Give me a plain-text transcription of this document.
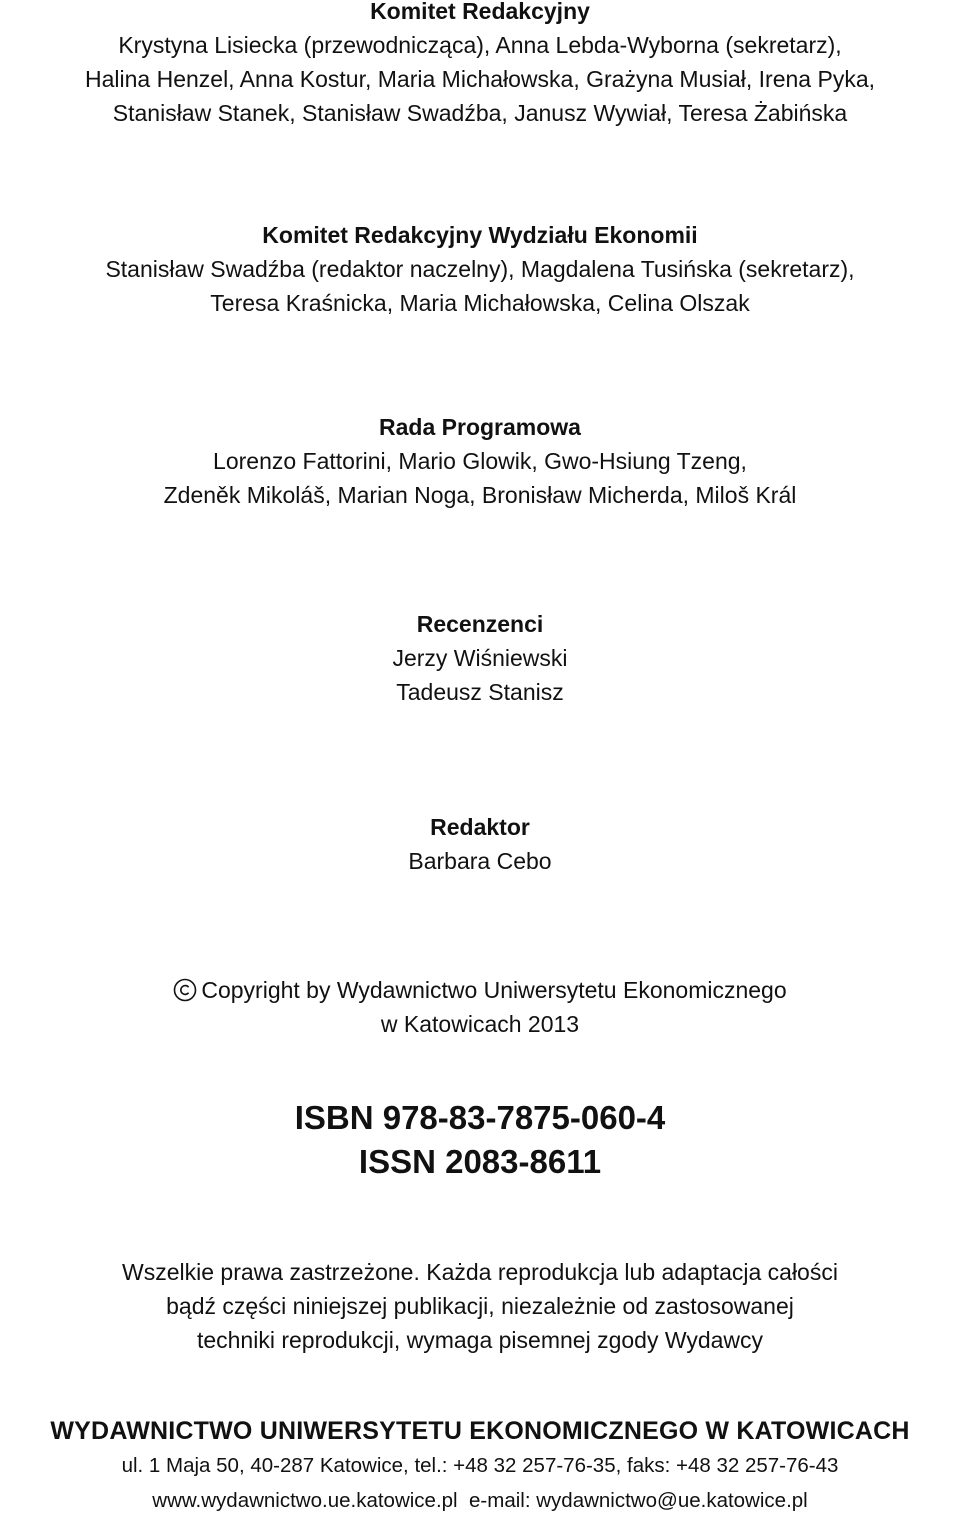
Komitet Redakcyjny
Krystyna Lisiecka (przewodnicząca), Anna Lebda-Wyborna (sekretarz),
Halina Henzel, Anna Kostur, Maria Michałowska, Grażyna Musiał, Irena Pyka,
Stanisław Stanek, Stanisław Swadźba, Janusz Wywiał, Teresa Żabińska
Komitet Redakcyjny Wydziału Ekonomii
Stanisław Swadźba (redaktor naczelny), Magdalena Tusińska (sekretarz),
Teresa Kraśnicka, Maria Michałowska, Celina Olszak
Rada Programowa
Lorenzo Fattorini, Mario Glowik, Gwo-Hsiung Tzeng,
Zdeněk Mikoláš, Marian Noga, Bronisław Micherda, Miloš Král
Recenzenci
Jerzy Wiśniewski
Tadeusz Stanisz
Redaktor
Barbara Cebo
Copyright by Wydawnictwo Uniwersytetu Ekonomicznego
w Katowicach 2013
ISBN 978-83-7875-060-4
ISSN 2083-8611
Wszelkie prawa zastrzeżone. Każda reprodukcja lub adaptacja całości
bądź części niniejszej publikacji, niezależnie od zastosowanej
techniki reprodukcji, wymaga pisemnej zgody Wydawcy
WYDAWNICTWO UNIWERSYTETU EKONOMICZNEGO W KATOWICACH
ul. 1 Maja 50, 40-287 Katowice, tel.: +48 32 257-76-35, faks: +48 32 257-76-43
www.wydawnictwo.ue.katowice.pl e-mail: wydawnictwo@ue.katowice.pl
